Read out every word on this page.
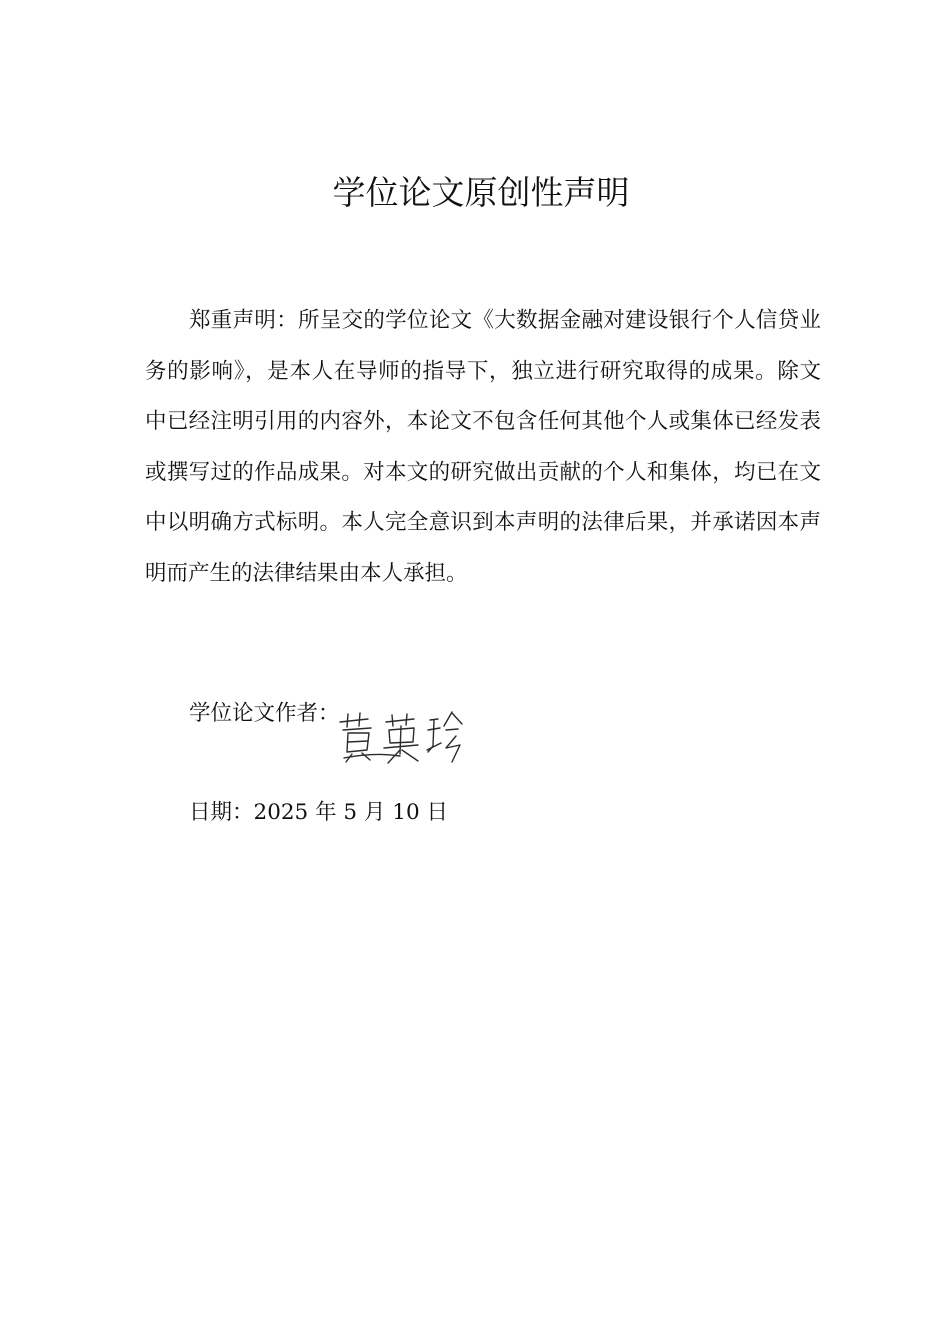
学位论文原创性声明

郑重声明：所呈交的学位论文《大数据金融对建设银行个人信贷业务的影响》，是本人在导师的指导下，独立进行研究取得的成果。除文中已经注明引用的内容外，本论文不包含任何其他个人或集体已经发表或撰写过的作品成果。对本文的研究做出贡献的个人和集体，均已在文中以明确方式标明。本人完全意识到本声明的法律后果，并承诺因本声明而产生的法律结果由本人承担。

学位论文作者：
日期：2025 年 5 月 10 日
